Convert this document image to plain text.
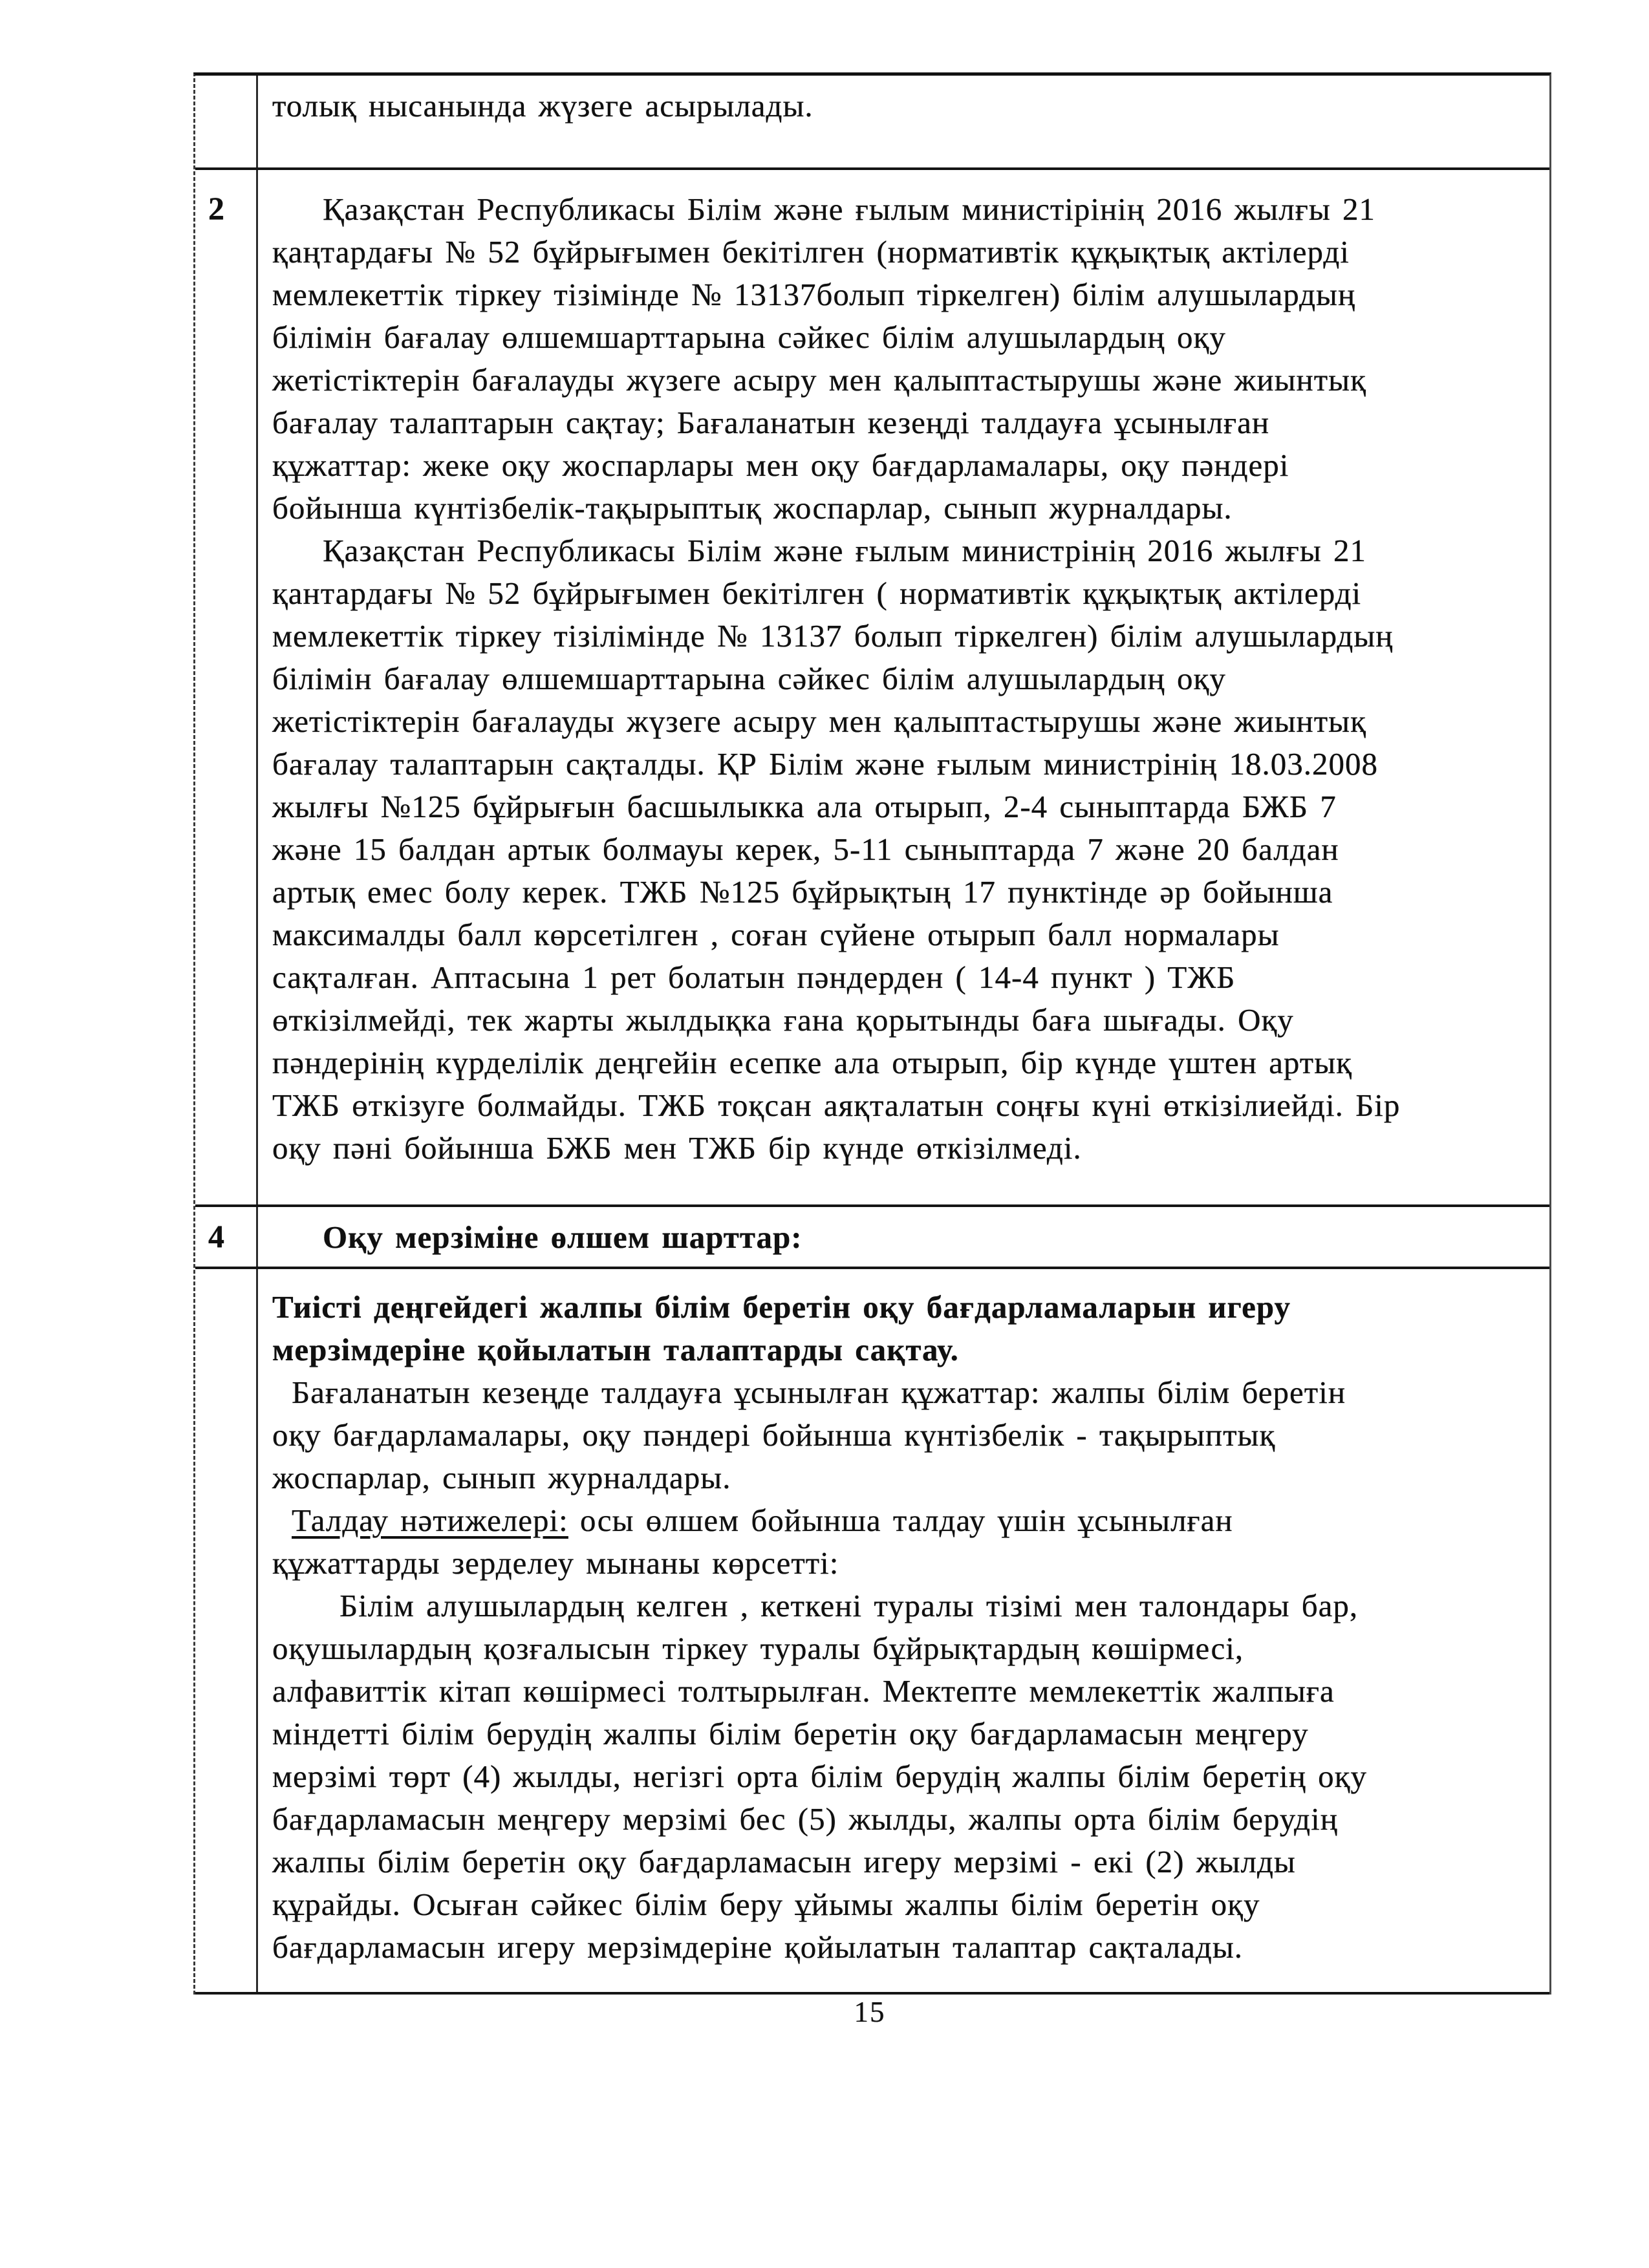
толық нысанында жүзеге асырылады.
2	Қазақстан Республикасы Білім және ғылым министірінің 2016 жылғы 21
қаңтардағы № 52 бұйрығымен бекітілген (нормативтік құқықтық актілерді
мемлекеттік тіркеу тізімінде № 13137болып тіркелген) білім алушылардың
білімін бағалау өлшемшарттарына сәйкес білім алушылардың оқу
жетістіктерін бағалауды жүзеге асыру мен қалыптастырушы және жиынтық
бағалау талаптарын сақтау; Бағаланатын кезеңді талдауға ұсынылған
құжаттар: жеке оқу жоспарлары мен оқу бағдарламалары, оқу пәндері
бойынша күнтізбелік-тақырыптық жоспарлар, сынып журналдары.
Қазақстан Республикасы Білім және ғылым министрінің 2016 жылғы 21
қантардағы № 52 бұйрығымен бекітілген ( нормативтік құқықтық актілерді
мемлекеттік тіркеу тізілімінде № 13137 болып тіркелген) білім алушылардың
білімін бағалау өлшемшарттарына сәйкес білім алушылардың оқу
жетістіктерін бағалауды жүзеге асыру мен қалыптастырушы және жиынтық
бағалау талаптарын сақталды. ҚР Білім және ғылым министрінің 18.03.2008
жылғы №125 бұйрығын басшылыкка ала отырып, 2-4 сыныптарда БЖБ 7
және 15 балдан артык болмауы керек, 5-11 сыныптарда 7 және 20 балдан
артық емес болу керек. ТЖБ №125 бұйрықтың 17 пунктінде әр бойынша
максималды балл көрсетілген , соған сүйене отырып балл нормалары
сақталған. Аптасына 1 рет болатын пәндерден ( 14-4 пункт ) ТЖБ
өткізілмейді, тек жарты жылдықка ғана қорытынды баға шығады. Оқу
пәндерінің күрделілік деңгейін есепке ала отырып, бір күнде үштен артық
ТЖБ өткізуге болмайды. ТЖБ тоқсан аяқталатын соңғы күні өткізілиейді. Бір
оқу пәні бойынша БЖБ мен ТЖБ бір күнде өткізілмеді.
4	Оқу мерзіміне өлшем шарттар:
Тиісті деңгейдегі жалпы білім беретін оқу бағдарламаларын игеру
мерзімдеріне қойылатын талаптарды сақтау.
Бағаланатын кезеңде талдауға ұсынылған құжаттар: жалпы білім беретін
оқу бағдарламалары, оқу пәндері бойынша күнтізбелік - тақырыптық
жоспарлар, сынып журналдары.
Талдау нәтижелері: осы өлшем бойынша талдау үшін ұсынылған
құжаттарды зерделеу мынаны көрсетті:
Білім алушылардың келген , кеткені туралы тізімі мен талондары бар,
оқушылардың қозғалысын тіркеу туралы бұйрықтардың көшірмесі,
алфавиттік кітап көшірмесі толтырылған. Мектепте мемлекеттік жалпыға
міндетті білім берудің жалпы білім беретін оқу бағдарламасын меңгеру
мерзімі төрт (4) жылды, негізгі орта білім берудің жалпы білім беретің оқу
бағдарламасын меңгеру мерзімі бес (5) жылды, жалпы орта білім берудің
жалпы білім беретін оқу бағдарламасын игеру мерзімі - екі (2) жылды
құрайды. Осыған сәйкес білім беру ұйымы жалпы білім беретін оқу
бағдарламасын игеру мерзімдеріне қойылатын талаптар сақталады.
15
